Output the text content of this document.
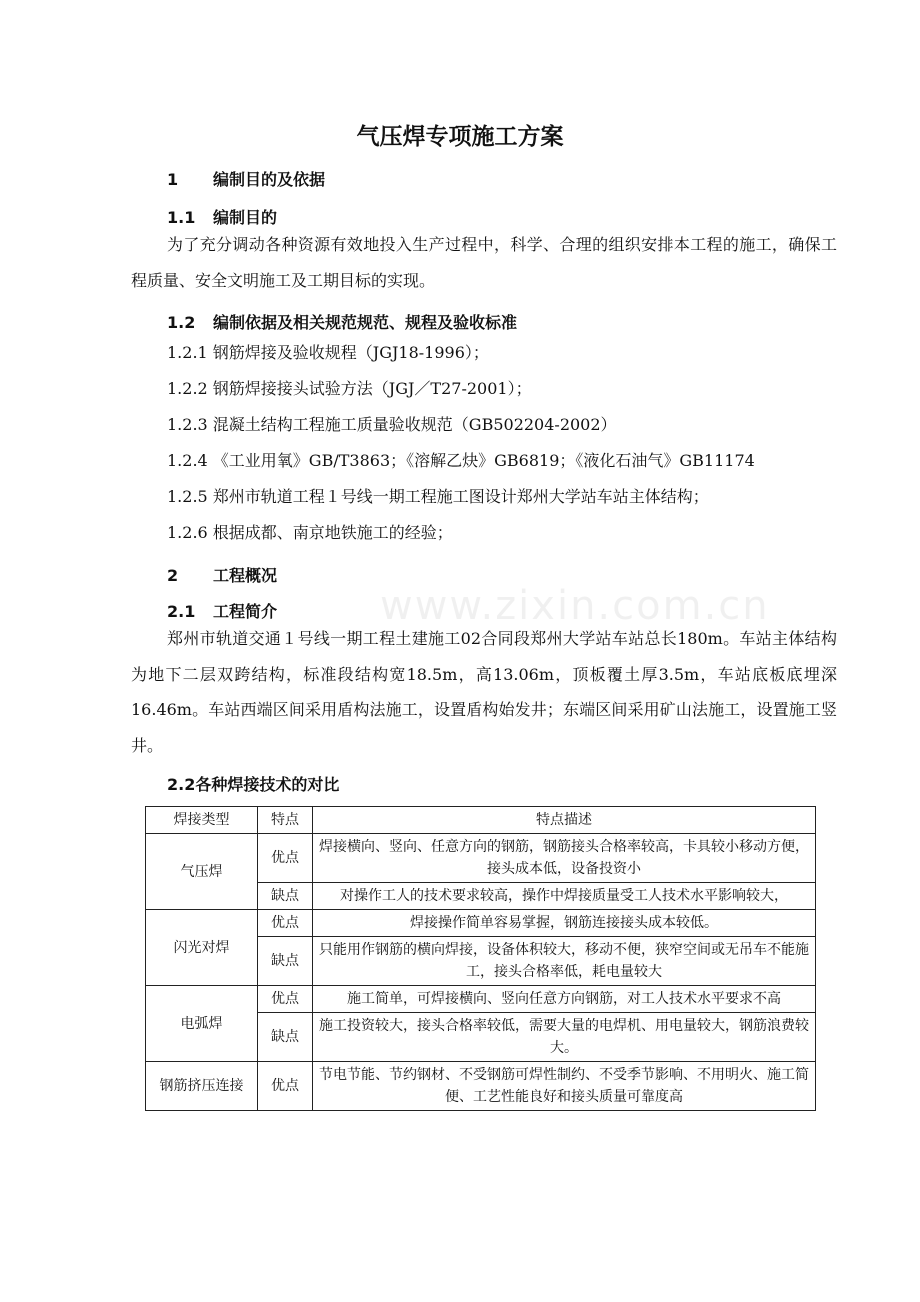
www.zixin.com.cn
气压焊专项施工方案
1 编制目的及依据
1.1 编制目的

为了充分调动各种资源有效地投入生产过程中，科学、合理的组织安排本工程的施工，确保工程质量、安全文明施工及工期目标的实现。

1.2 编制依据及相关规范规范、规程及验收标准
1.2.1 钢筋焊接及验收规程（JGJ18-1996）；
1.2.2 钢筋焊接接头试验方法（JGJ／T27-2001）；
1.2.3 混凝土结构工程施工质量验收规范（GB502204-2002）
1.2.4 《工业用氧》GB/T3863；《溶解乙炔》GB6819；《液化石油气》GB11174
1.2.5 郑州市轨道工程１号线一期工程施工图设计郑州大学站车站主体结构；
1.2.6 根据成都、南京地铁施工的经验；
2 工程概况
2.1 工程简介

郑州市轨道交通１号线一期工程土建施工02合同段郑州大学站车站总长180m。车站主体结构为地下二层双跨结构，标准段结构宽18.5m，高13.06m，顶板覆土厚3.5m，车站底板底埋深16.46m。车站西端区间采用盾构法施工，设置盾构始发井；东端区间采用矿山法施工，设置施工竖井。

2.2各种焊接技术的对比
焊接类型	特点	特点描述
气压焊	优点	焊接横向、竖向、任意方向的钢筋，钢筋接头合格率较高，卡具较小移动方便，接头成本低，设备投资小
	缺点	对操作工人的技术要求较高，操作中焊接质量受工人技术水平影响较大，
闪光对焊	优点	焊接操作简单容易掌握，钢筋连接接头成本较低。
	缺点	只能用作钢筋的横向焊接，设备体积较大，移动不便，狭窄空间或无吊车不能施工，接头合格率低，耗电量较大
电弧焊	优点	施工简单，可焊接横向、竖向任意方向钢筋，对工人技术水平要求不高
	缺点	施工投资较大，接头合格率较低，需要大量的电焊机、用电量较大，钢筋浪费较大。
钢筋挤压连接	优点	节电节能、节约钢材、不受钢筋可焊性制约、不受季节影响、不用明火、施工简便、工艺性能良好和接头质量可靠度高
